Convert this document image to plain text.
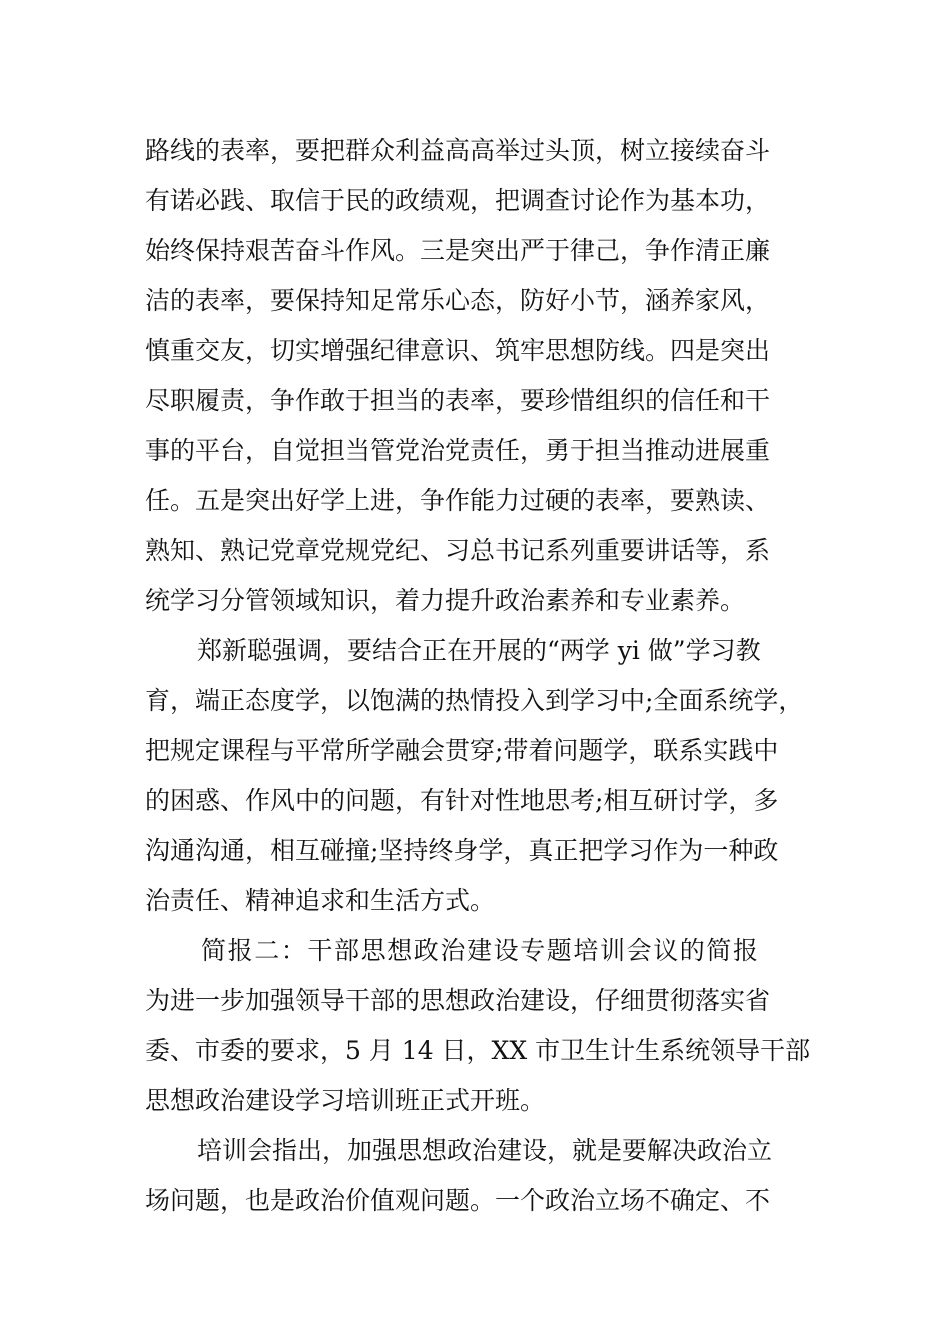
路线的表率，要把群众利益高高举过头顶，树立接续奋斗
有诺必践、取信于民的政绩观，把调查讨论作为基本功，
始终保持艰苦奋斗作风。三是突出严于律己，争作清正廉
洁的表率，要保持知足常乐心态，防好小节，涵养家风，
慎重交友，切实增强纪律意识、筑牢思想防线。四是突出
尽职履责，争作敢于担当的表率，要珍惜组织的信任和干
事的平台，自觉担当管党治党责任，勇于担当推动进展重
任。五是突出好学上进，争作能力过硬的表率，要熟读、
熟知、熟记党章党规党纪、习总书记系列重要讲话等，系
统学习分管领域知识，着力提升政治素养和专业素养。
郑新聪强调，要结合正在开展的“两学 yi 做”学习教
育，端正态度学，以饱满的热情投入到学习中;全面系统学，
把规定课程与平常所学融会贯穿;带着问题学，联系实践中
的困惑、作风中的问题，有针对性地思考;相互研讨学，多
沟通沟通，相互碰撞;坚持终身学，真正把学习作为一种政
治责任、精神追求和生活方式。
简报二：干部思想政治建设专题培训会议的简报
为进一步加强领导干部的思想政治建设，仔细贯彻落实省
委、市委的要求，5 月 14 日，XX 市卫生计生系统领导干部
思想政治建设学习培训班正式开班。
培训会指出，加强思想政治建设，就是要解决政治立
场问题，也是政治价值观问题。一个政治立场不确定、不
